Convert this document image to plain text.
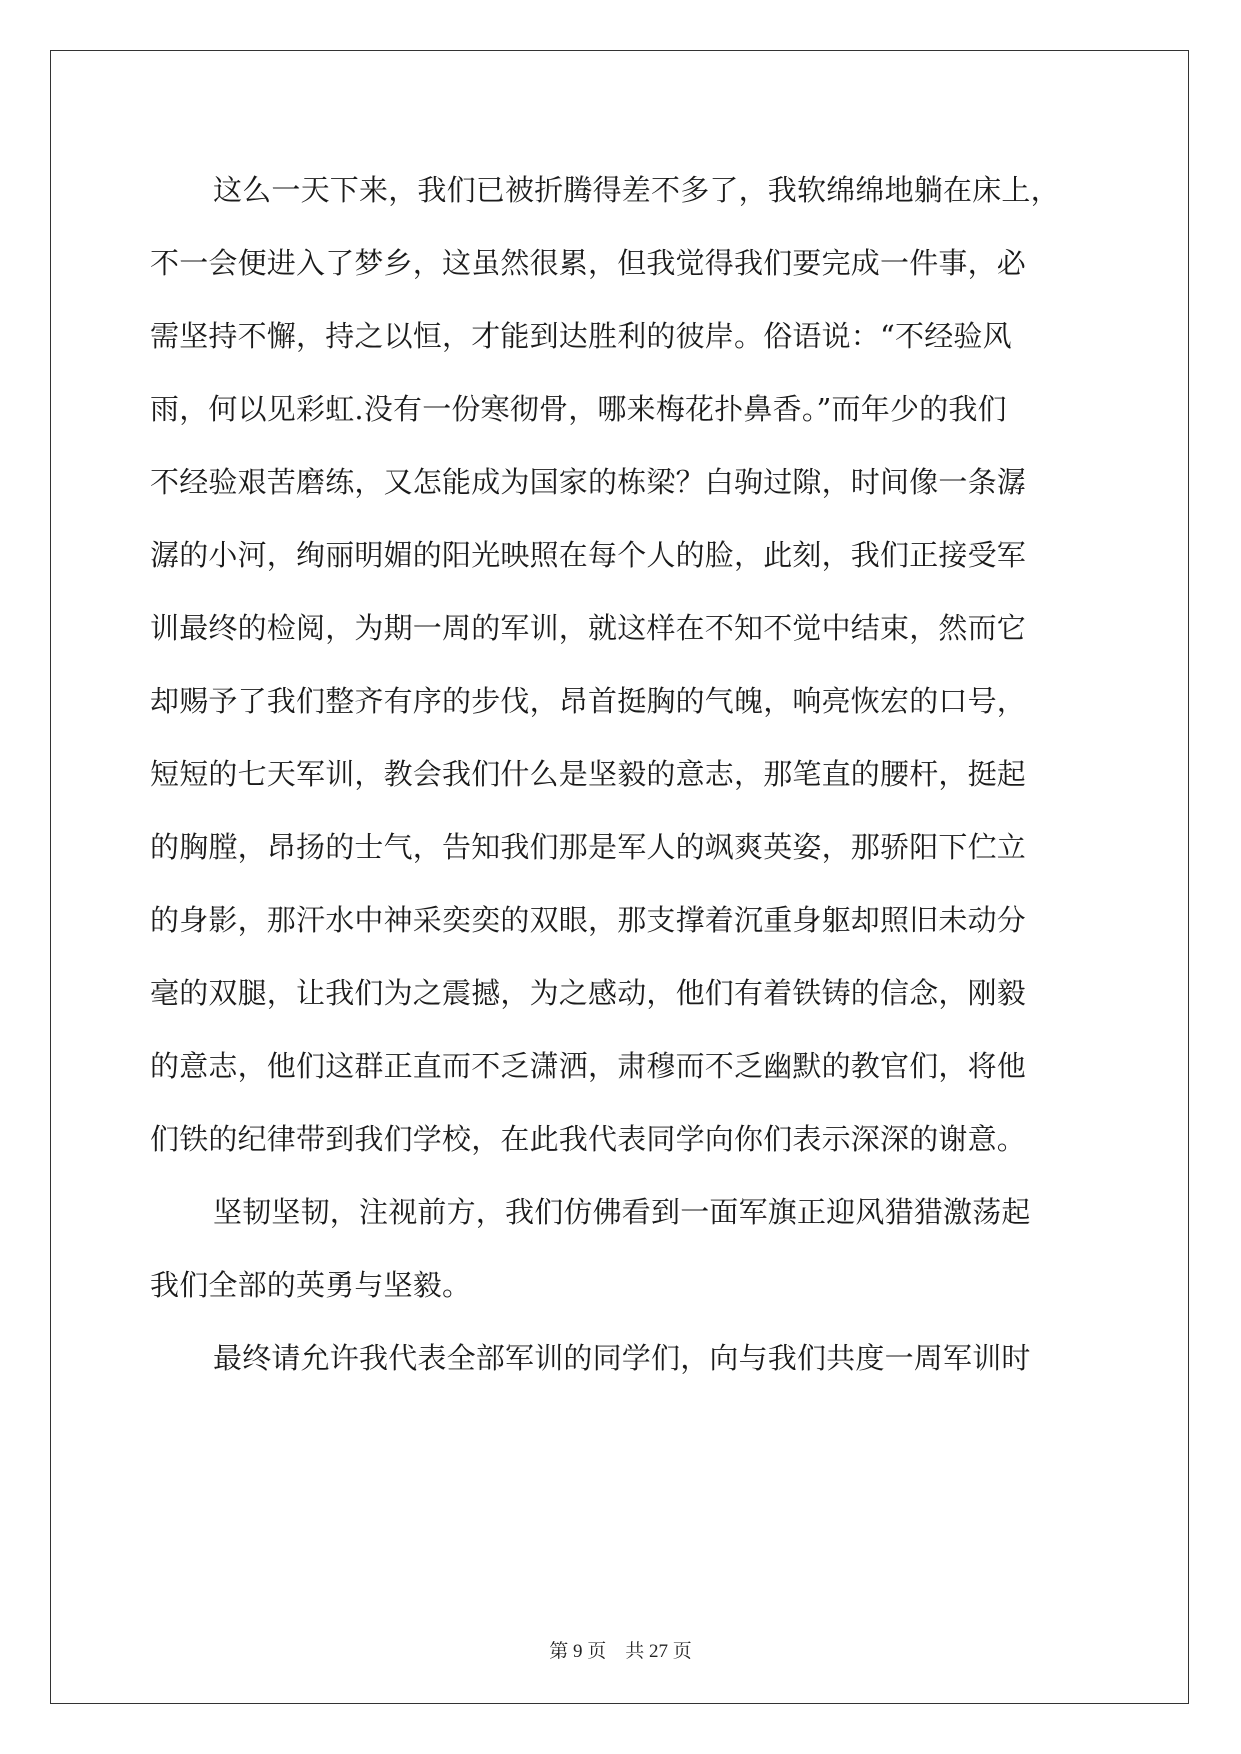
这么一天下来，我们已被折腾得差不多了，我软绵绵地躺在床上，
不一会便进入了梦乡，这虽然很累，但我觉得我们要完成一件事，必
需坚持不懈，持之以恒，才能到达胜利的彼岸。俗语说：“不经验风
雨，何以见彩虹.没有一份寒彻骨，哪来梅花扑鼻香。”而年少的我们
不经验艰苦磨练，又怎能成为国家的栋梁？白驹过隙，时间像一条潺
潺的小河，绚丽明媚的阳光映照在每个人的脸，此刻，我们正接受军
训最终的检阅，为期一周的军训，就这样在不知不觉中结束，然而它
却赐予了我们整齐有序的步伐，昂首挺胸的气魄，响亮恢宏的口号，
短短的七天军训，教会我们什么是坚毅的意志，那笔直的腰杆，挺起
的胸膛，昂扬的士气，告知我们那是军人的飒爽英姿，那骄阳下伫立
的身影，那汗水中神采奕奕的双眼，那支撑着沉重身躯却照旧未动分
毫的双腿，让我们为之震撼，为之感动，他们有着铁铸的信念，刚毅
的意志，他们这群正直而不乏潇洒，肃穆而不乏幽默的教官们，将他
们铁的纪律带到我们学校，在此我代表同学向你们表示深深的谢意。
坚韧坚韧，注视前方，我们仿佛看到一面军旗正迎风猎猎激荡起
我们全部的英勇与坚毅。
最终请允许我代表全部军训的同学们，向与我们共度一周军训时
第 9 页    共 27 页
